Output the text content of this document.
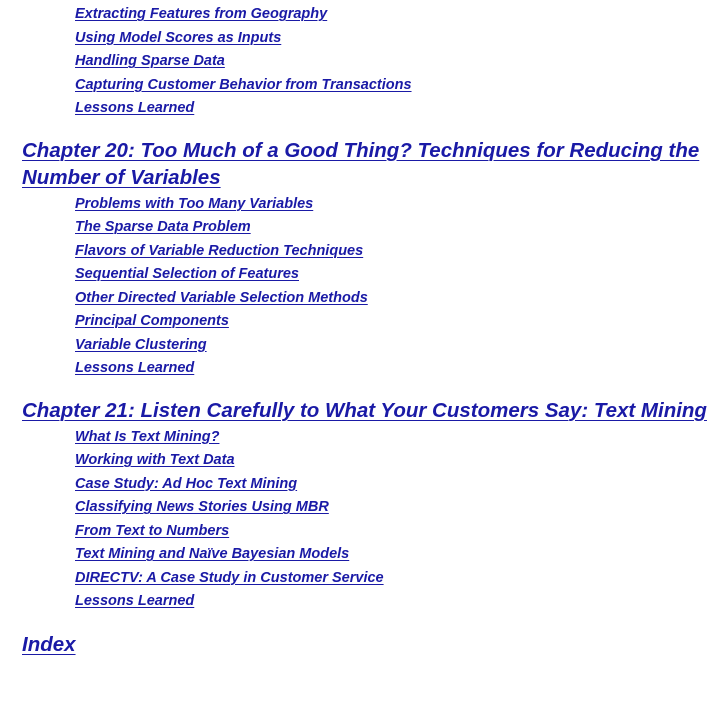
Extracting Features from Geography
Using Model Scores as Inputs
Handling Sparse Data
Capturing Customer Behavior from Transactions
Lessons Learned
Chapter 20: Too Much of a Good Thing? Techniques for Reducing the
Number of Variables
Problems with Too Many Variables
The Sparse Data Problem
Flavors of Variable Reduction Techniques
Sequential Selection of Features
Other Directed Variable Selection Methods
Principal Components
Variable Clustering
Lessons Learned
Chapter 21: Listen Carefully to What Your Customers Say: Text Mining
What Is Text Mining?
Working with Text Data
Case Study: Ad Hoc Text Mining
Classifying News Stories Using MBR
From Text to Numbers
Text Mining and Naïve Bayesian Models
DIRECTV: A Case Study in Customer Service
Lessons Learned
Index
